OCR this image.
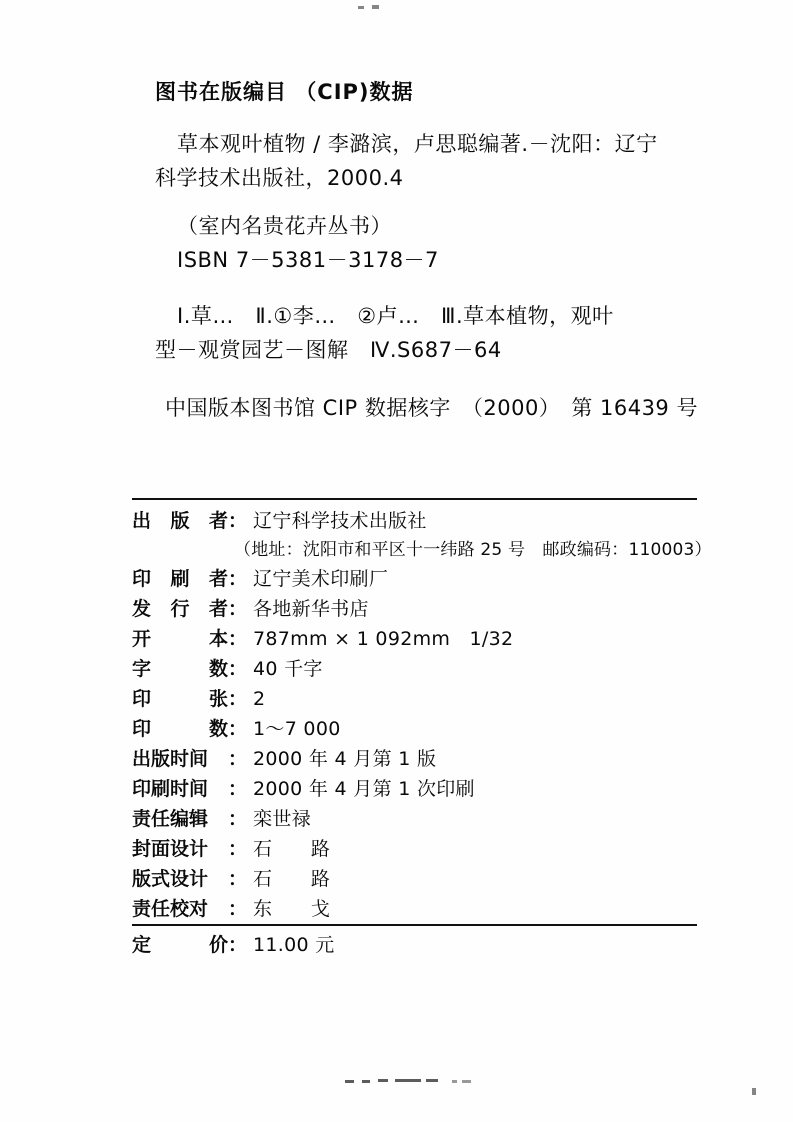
图书在版编目 （CIP)数据
草本观叶植物 / 李潞滨，卢思聪编著.－沈阳：辽宁
科学技术出版社，2000.4
（室内名贵花卉丛书）
ISBN 7－5381－3178－7
Ⅰ.草…　Ⅱ.①李…　②卢…　Ⅲ.草本植物，观叶
型－观赏园艺－图解　Ⅳ.S687－64
中国版本图书馆 CIP 数据核字　（2000）　第 16439 号
出版者 ： 辽宁科学技术出版社
（地址：沈阳市和平区十一纬路 25 号　邮政编码：110003）
印刷者 ： 辽宁美术印刷厂
发行者 ： 各地新华书店
开本 ： 787mm × 1 092mm　1/32
字数 ： 40 千字
印张 ： 2
印数 ： 1～7 000
出版时间	： 2000 年 4 月第 1 版
印刷时间	： 2000 年 4 月第 1 次印刷
责任编辑	： 栾世禄
封面设计	： 石　　路
版式设计	： 石　　路
责任校对	： 东　　戈
定价 ： 11.00 元
